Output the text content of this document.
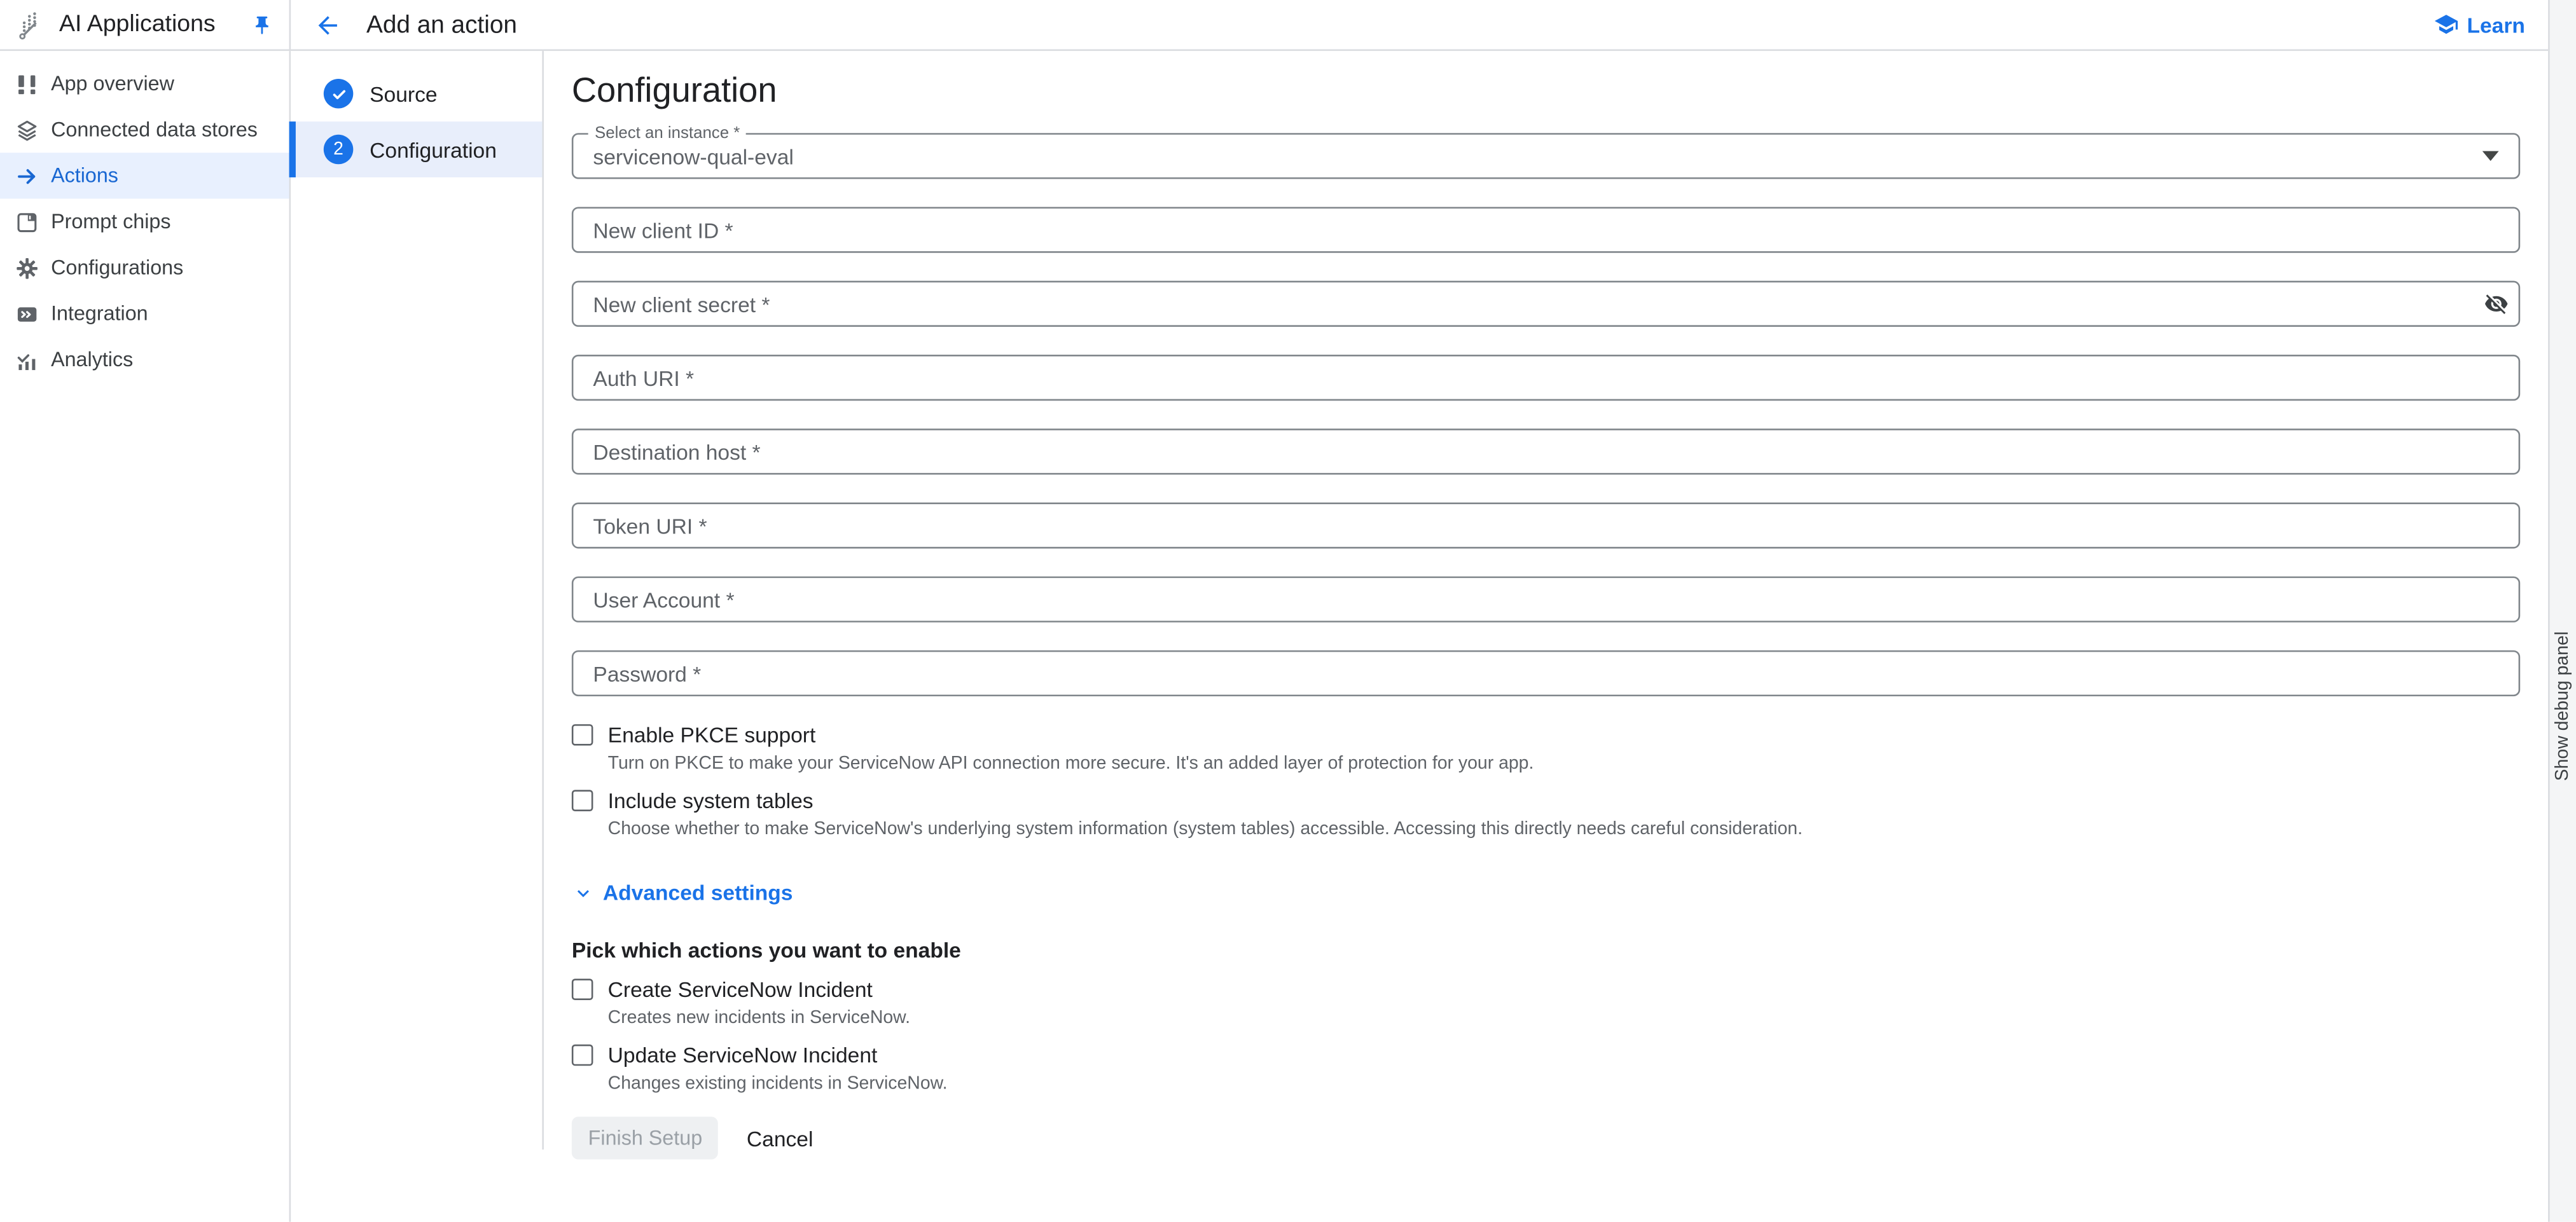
AI Applications	Add an action	Learn
App overview
Connected data stores
Actions
Prompt chips
Configurations
Integration
Analytics
Source
2	Configuration
Configuration
Select an instance *
servicenow-qual-eval
New client ID *
New client secret *
Auth URI *
Destination host *
Token URI *
User Account *
Password *
Enable PKCE support
Turn on PKCE to make your ServiceNow API connection more secure. It's an added layer of protection for your app.
Include system tables
Choose whether to make ServiceNow's underlying system information (system tables) accessible. Accessing this directly needs careful consideration.
Advanced settings
Pick which actions you want to enable
Create ServiceNow Incident
Creates new incidents in ServiceNow.
Update ServiceNow Incident
Changes existing incidents in ServiceNow.
Finish Setup	Cancel
Show debug panel
